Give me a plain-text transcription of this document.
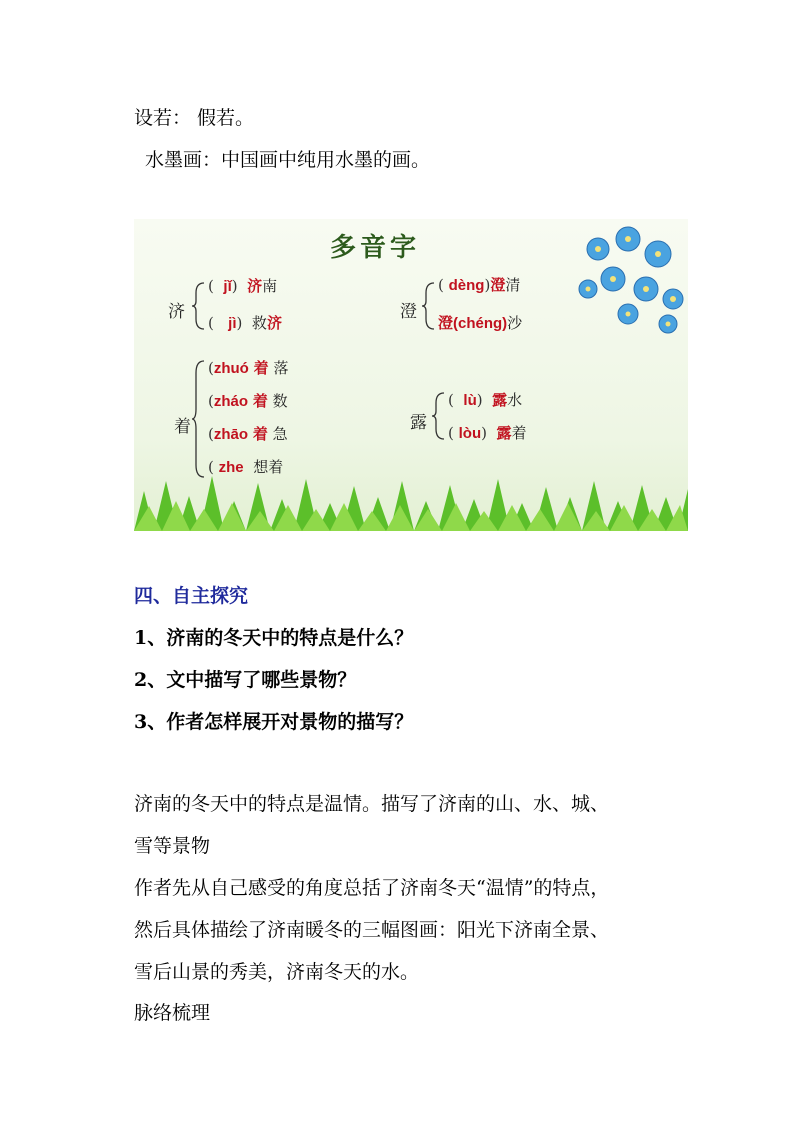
设若： 假若。
水墨画：中国画中纯用水墨的画。
多音字
济
( jǐ) 济南
( jì) 救济
澄
( dèng)澄清
澄(chéng)沙
着
(zhuó 着 落
(zháo 着 数
(zhāo 着 急
( zhe 想着
露
( lù) 露水
( lòu) 露着
四、自主探究
1、济南的冬天中的特点是什么？
2、文中描写了哪些景物？
3、作者怎样展开对景物的描写？
济南的冬天中的特点是温情。描写了济南的山、水、城、
雪等景物
作者先从自己感受的角度总括了济南冬天“温情”的特点，
然后具体描绘了济南暖冬的三幅图画：阳光下济南全景、
雪后山景的秀美，济南冬天的水。
脉络梳理
